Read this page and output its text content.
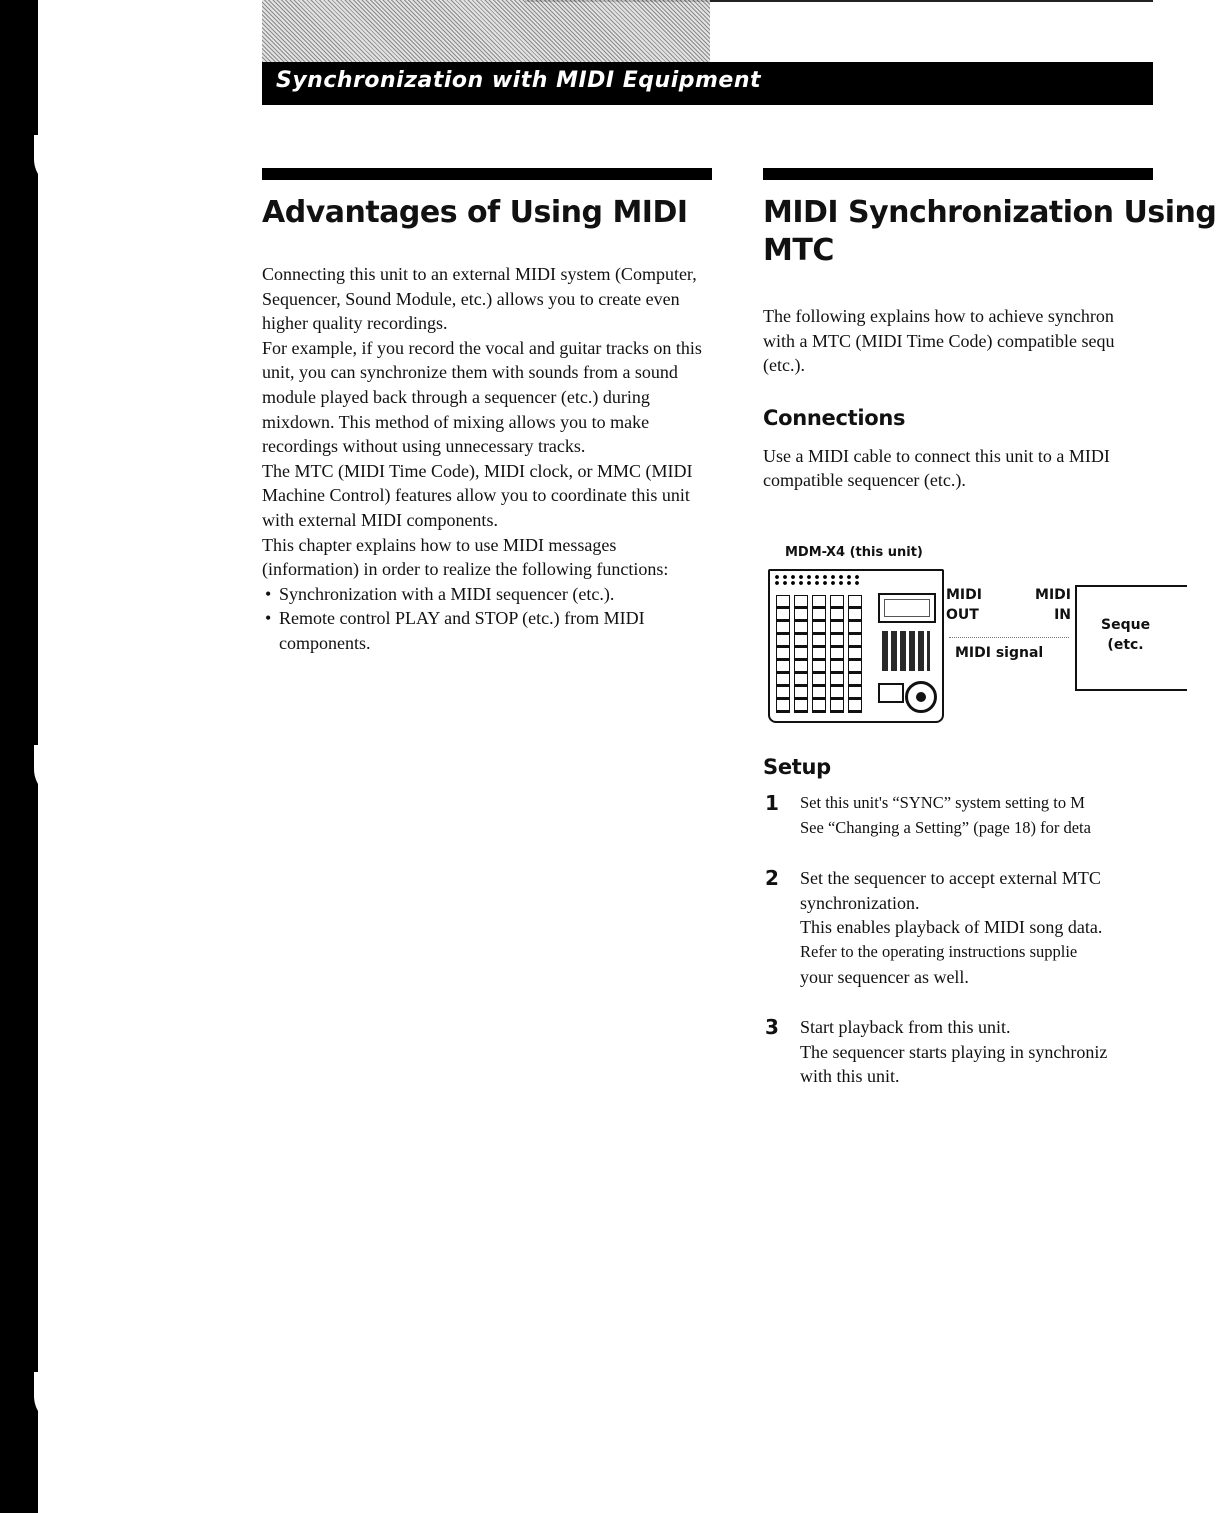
Synchronization with MIDI Equipment
Advantages of Using MIDI

Connecting this unit to an external MIDI system (Computer, Sequencer, Sound Module, etc.) allows you to create even higher quality recordings.

For example, if you record the vocal and guitar tracks on this unit, you can synchronize them with sounds from a sound module played back through a sequencer (etc.) during mixdown. This method of mixing allows you to make recordings without using unnecessary tracks.

The MTC (MIDI Time Code), MIDI clock, or MMC (MIDI Machine Control) features allow you to coordinate this unit with external MIDI components.

This chapter explains how to use MIDI messages (information) in order to realize the following functions:

• Synchronization with a MIDI sequencer (etc.).
• Remote control PLAY and STOP (etc.) from MIDI components.
MIDI Synchronization Using
MTC

The following explains how to achieve synchron

with a MTC (MIDI Time Code) compatible sequ

(etc.).

Connections

Use a MIDI cable to connect this unit to a MIDI

compatible sequencer (etc.).

MDM-X4 (this unit)
MIDI
OUT
MIDI
IN
MIDI signal
Seque
(etc.
Setup
1 Set this unit's “SYNC” system setting to M

See “Changing a Setting” (page 18) for deta

2 Set the sequencer to accept external MTC

synchronization.

This enables playback of MIDI song data.

Refer to the operating instructions supplie

your sequencer as well.

3 Start playback from this unit.

The sequencer starts playing in synchroniz

with this unit.
